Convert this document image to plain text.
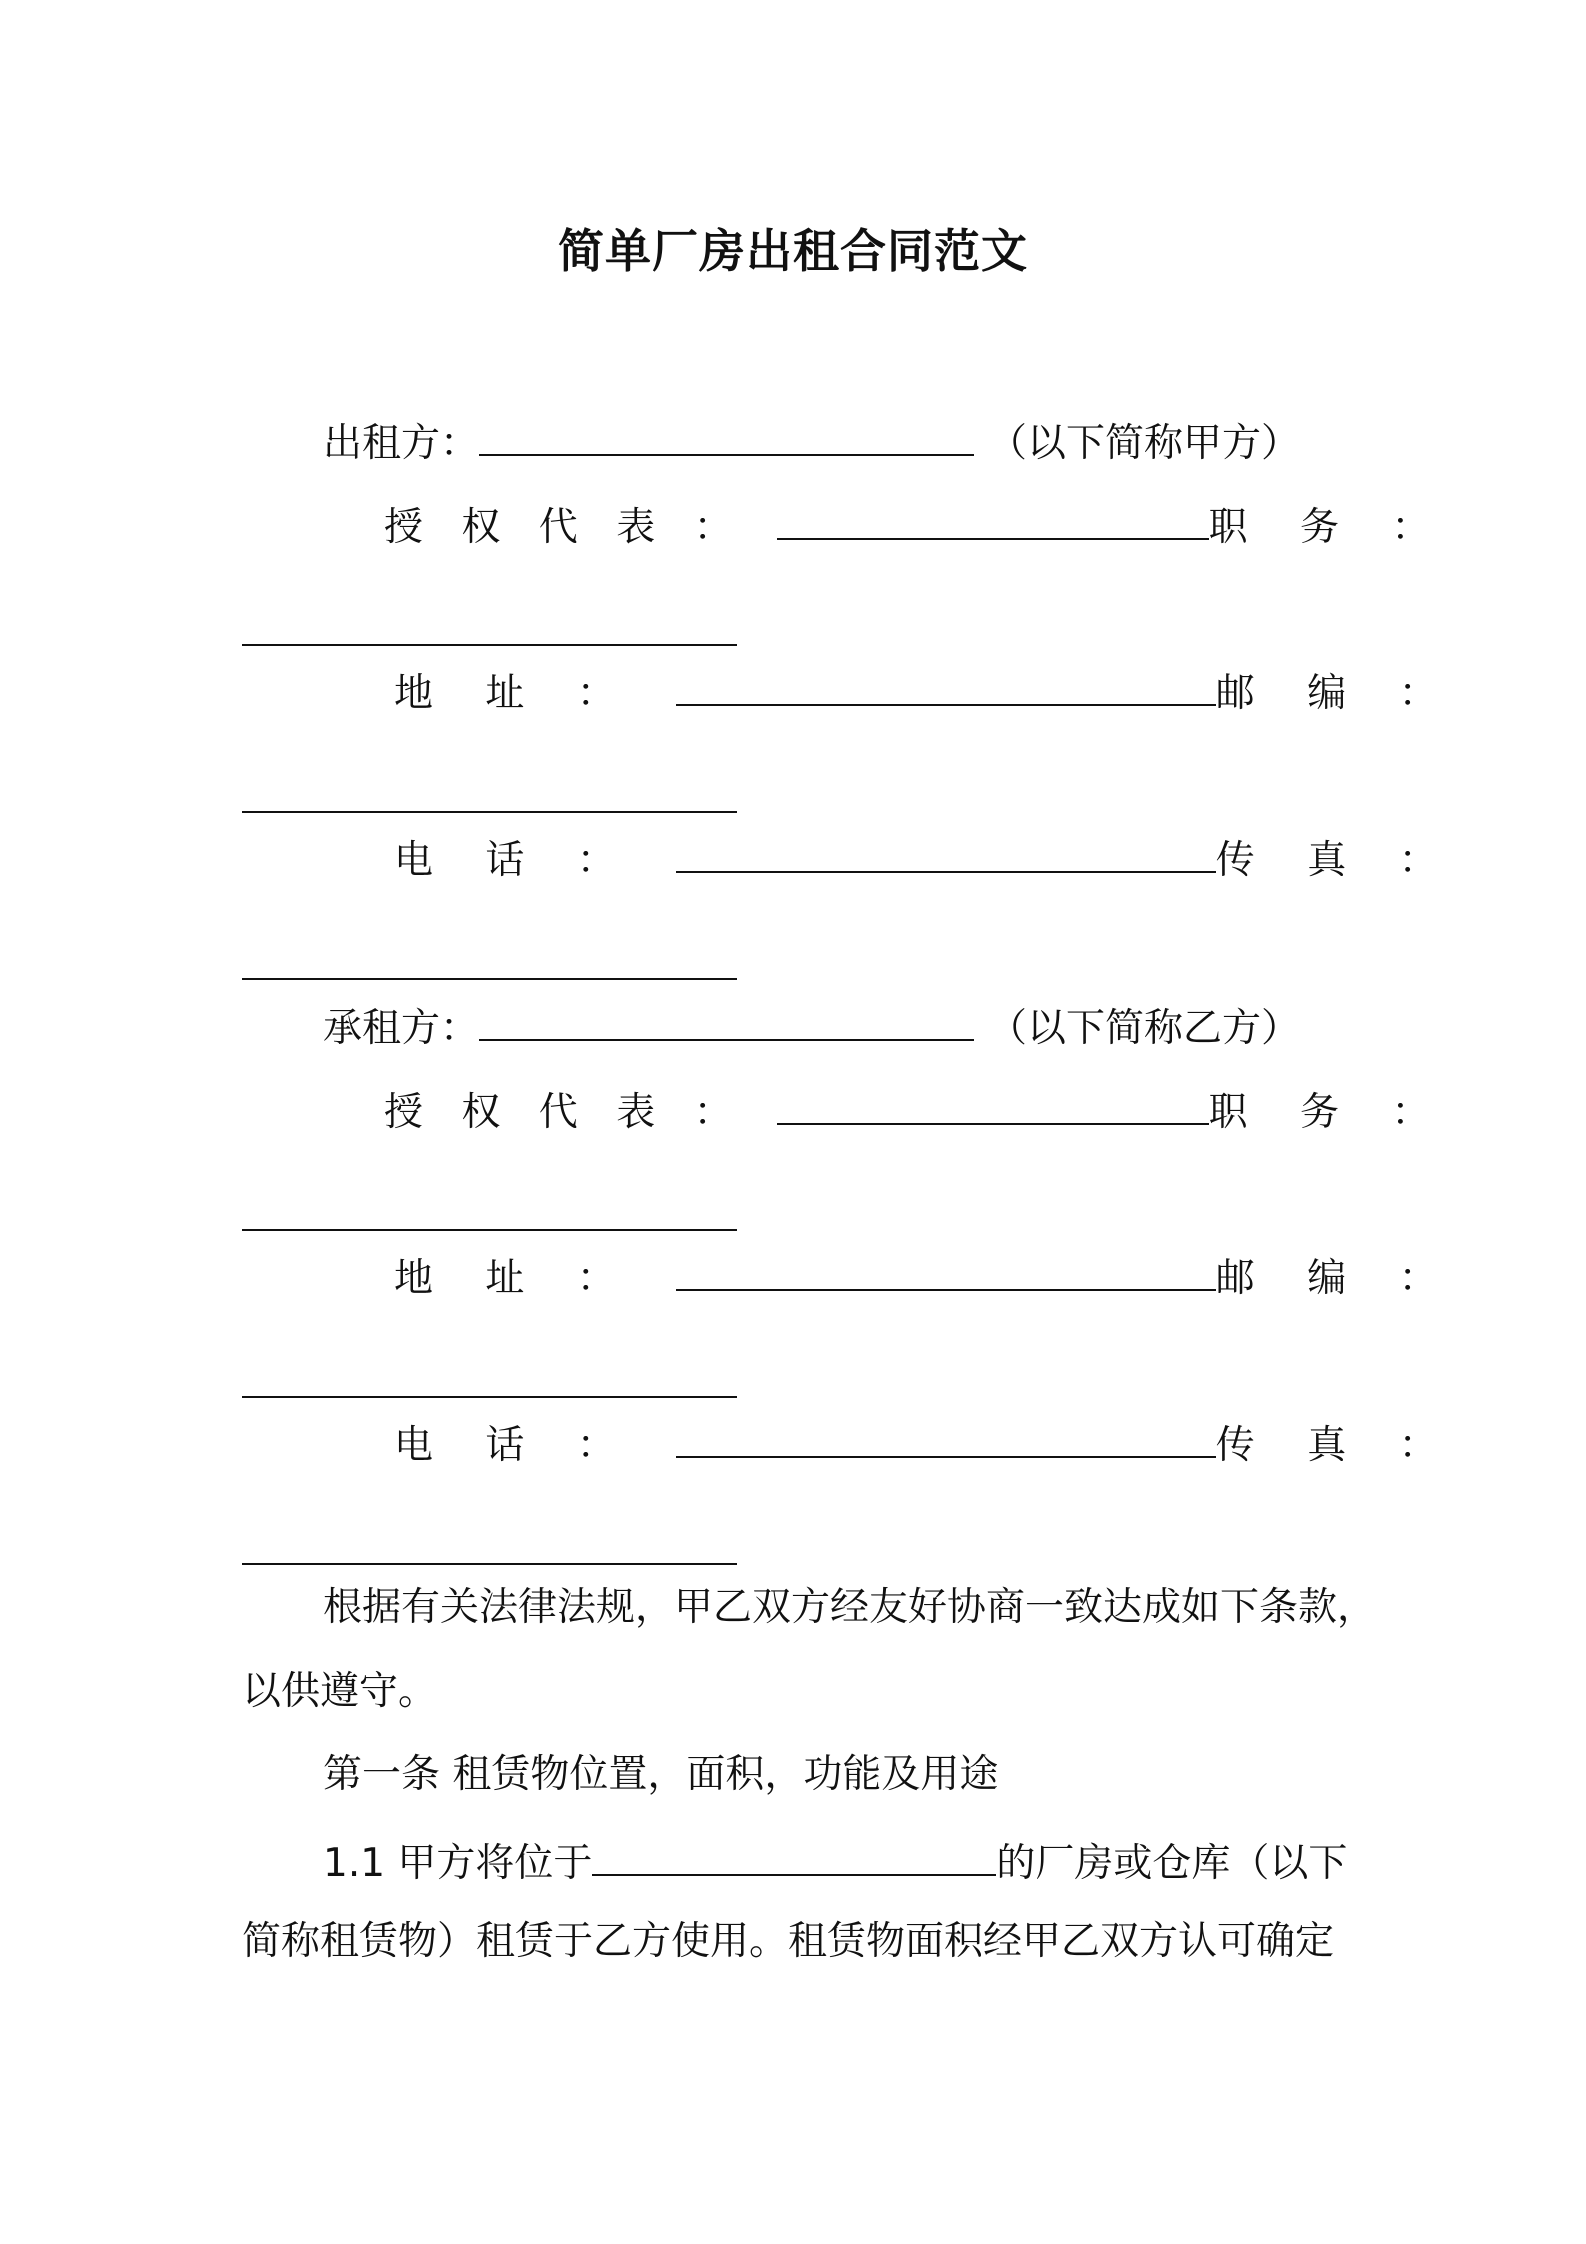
简单厂房出租合同范文
出租方：	（以下简称甲方）
授 权 代 表 ：	职 务 ：
地 址 ：	邮 编 ：
电 话 ：	传 真 ：
承租方：	（以下简称乙方）
授 权 代 表 ：	职 务 ：
地 址 ：	邮 编 ：
电 话 ：	传 真 ：
根据有关法律法规，甲乙双方经友好协商一致达成如下条款，
以供遵守。
第一条 租赁物位置，面积，功能及用途
1.1 甲方将位于	的厂房或仓库（以下
简称租赁物）租赁于乙方使用。租赁物面积经甲乙双方认可确定
